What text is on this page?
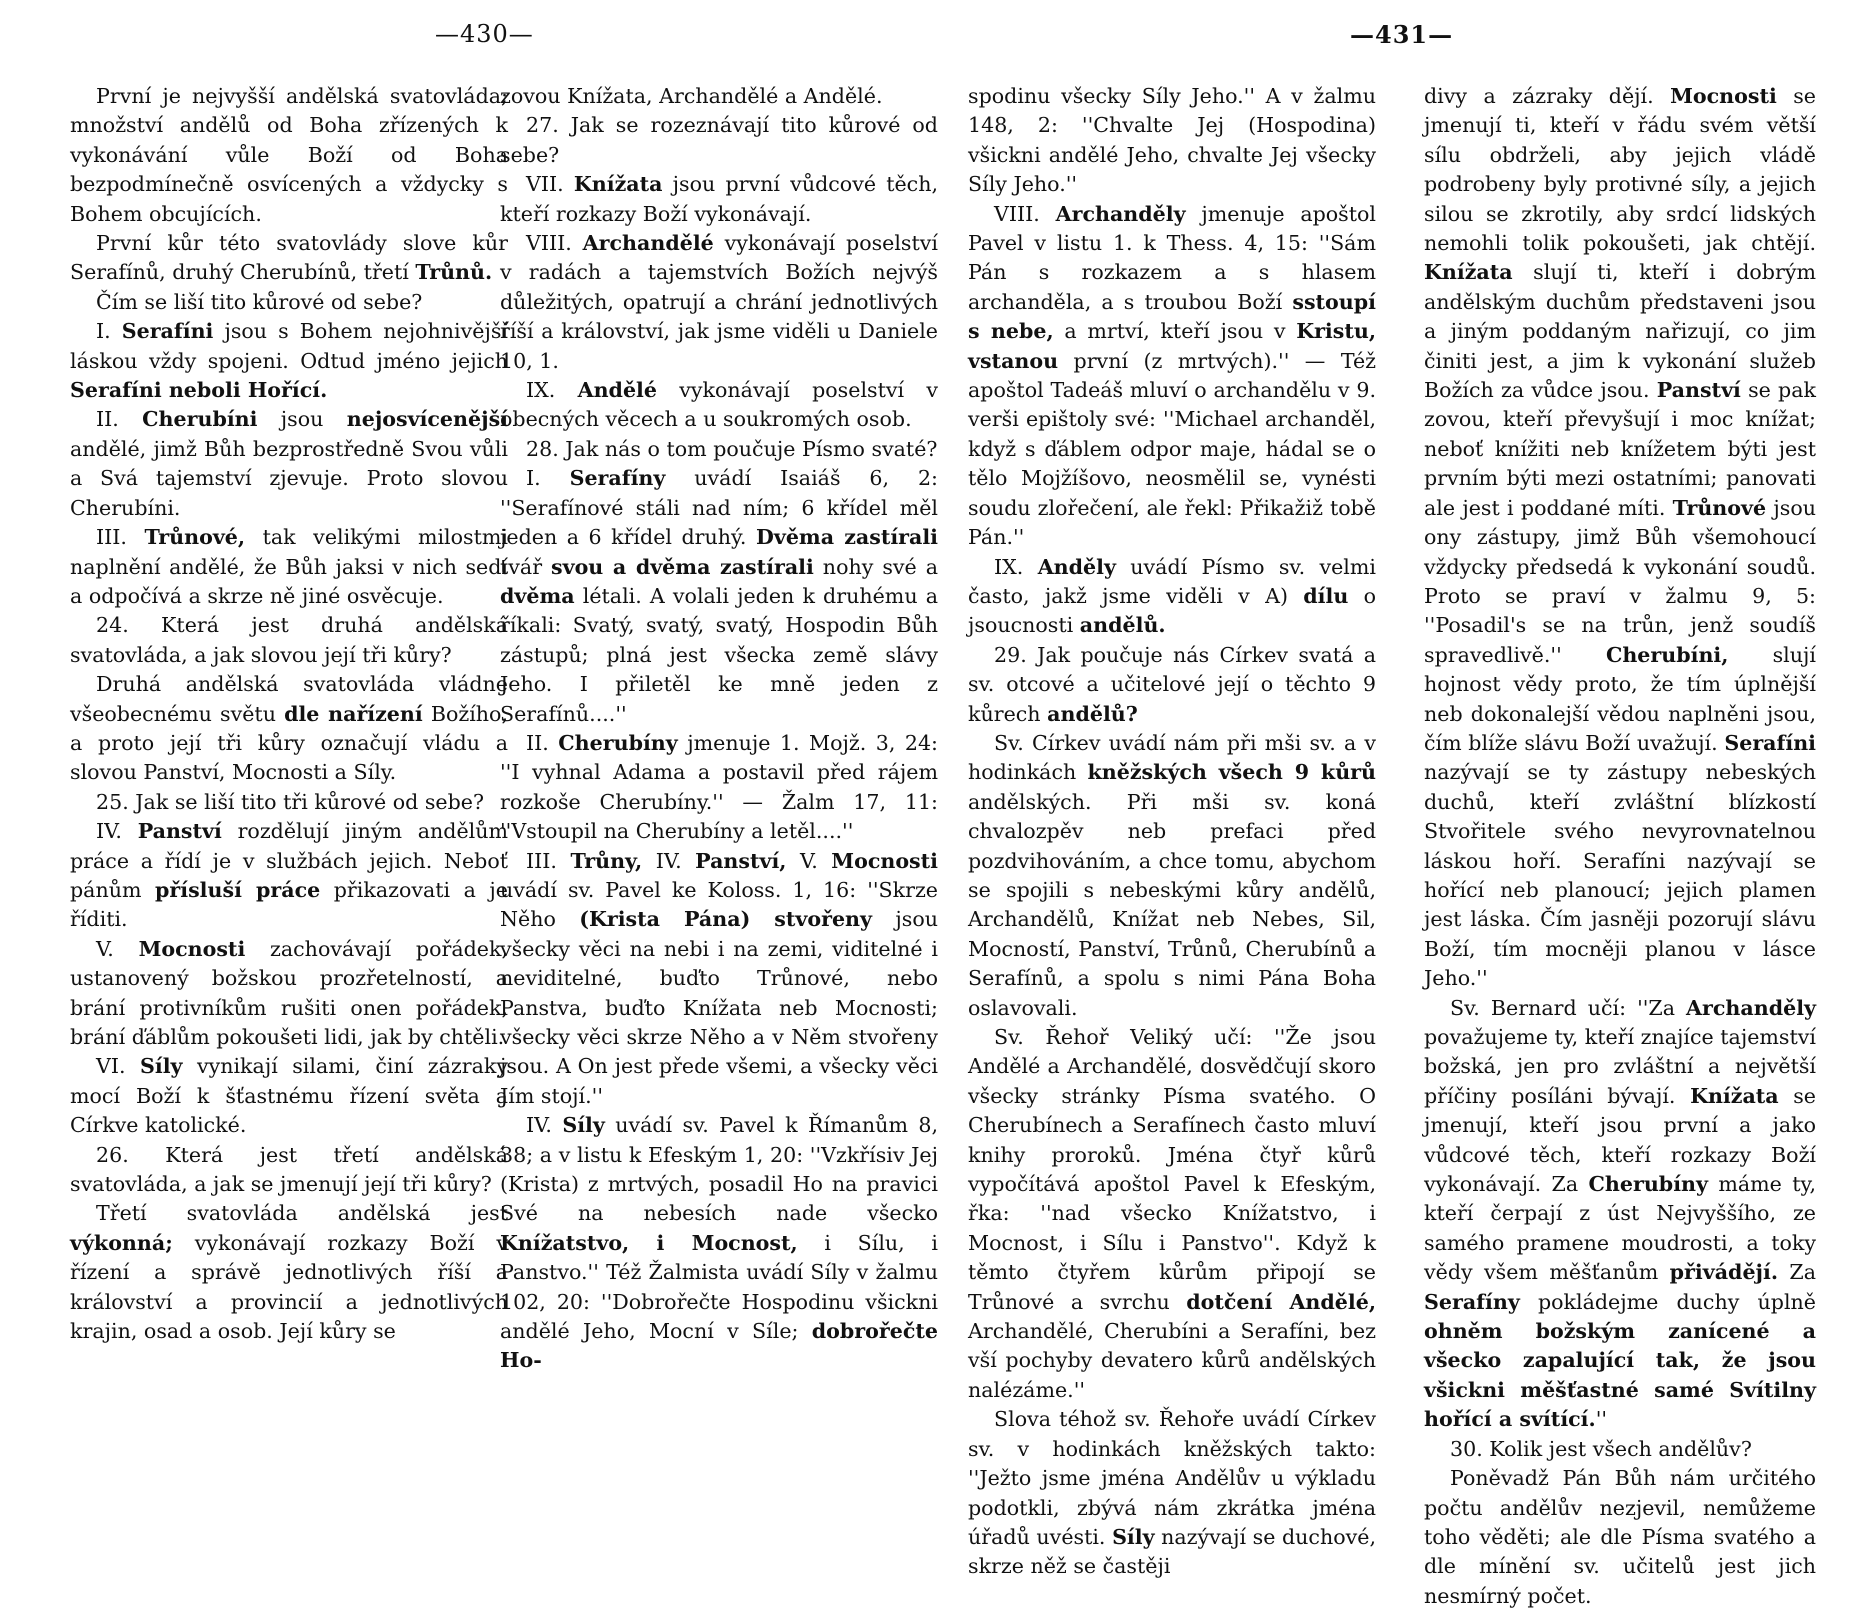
—430—	—431—

První je nejvyšší andělská svatovláda; množství andělů od Boha zřízených k vykonávání vůle Boží od Boha bezpodmínečně osvícených a vždycky s Bohem obcujících.

První kůr této svatovlády slove kůr Serafínů, druhý Cherubínů, třetí Trůnů.

Čím se liší tito kůrové od sebe?

I. Serafíni jsou s Bohem nejohnivější láskou vždy spojeni. Odtud jméno jejich Serafíni neboli Hořící.

II. Cherubíni jsou nejosvícenější andělé, jimž Bůh bezprostředně Svou vůli a Svá tajemství zjevuje. Proto slovou Cherubíni.

III. Trůnové, tak velikými milostmi naplnění andělé, že Bůh jaksi v nich sedí a odpočívá a skrze ně jiné osvěcuje.

24. Která jest druhá andělská svatovláda, a jak slovou její tři kůry?

Druhá andělská svatovláda vládne všeobecnému světu dle nařízení Božího, a proto její tři kůry označují vládu a slovou Panství, Mocnosti a Síly.

25. Jak se liší tito tři kůrové od sebe?

IV. Panství rozdělují jiným andělům práce a řídí je v službách jejich. Neboť pánům přísluší práce přikazovati a je říditi.

V. Mocnosti zachovávají pořádek, ustanovený božskou prozřetelností, a brání protivníkům rušiti onen pořádek, brání ďáblům pokoušeti lidi, jak by chtěli.

VI. Síly vynikají silami, činí zázraky mocí Boží k šťastnému řízení světa a Církve katolické.

26. Která jest třetí andělská svatovláda, a jak se jmenují její tři kůry?

Třetí svatovláda andělská jest výkonná; vykonávají rozkazy Boží v řízení a správě jednotlivých říší a království a provincií a jednotlivých krajin, osad a osob. Její kůry se

zovou Knížata, Archandělé a Andělé.

27. Jak se rozeznávají tito kůrové od sebe?

VII. Knížata jsou první vůdcové těch, kteří rozkazy Boží vykonávají.

VIII. Archandělé vykonávají poselství v radách a tajemstvích Božích nejvýš důležitých, opatrují a chrání jednotlivých říší a království, jak jsme viděli u Daniele 10, 1.

IX. Andělé vykonávají poselství v obecných věcech a u soukromých osob.

28. Jak nás o tom poučuje Písmo svaté?

I. Serafíny uvádí Isaiáš 6, 2: ''Serafínové stáli nad ním; 6 křídel měl jeden a 6 křídel druhý. Dvěma zastírali tvář svou a dvěma zastírali nohy své a dvěma létali. A volali jeden k druhému a říkali: Svatý, svatý, svatý, Hospodin Bůh zástupů; plná jest všecka země slávy Jeho. I přiletěl ke mně jeden z Serafínů....''

II. Cherubíny jmenuje 1. Mojž. 3, 24: ''I vyhnal Adama a postavil před rájem rozkoše Cherubíny.'' — Žalm 17, 11: ''Vstoupil na Cherubíny a letěl....''

III. Trůny, IV. Panství, V. Mocnosti uvádí sv. Pavel ke Koloss. 1, 16: ''Skrze Něho (Krista Pána) stvořeny jsou všecky věci na nebi i na zemi, viditelné i neviditelné, buďto Trůnové, nebo Panstva, buďto Knížata neb Mocnosti; všecky věci skrze Něho a v Něm stvořeny jsou. A On jest přede všemi, a všecky věci Jím stojí.''

IV. Síly uvádí sv. Pavel k Římanům 8, 38; a v listu k Efeským 1, 20: ''Vzkřísiv Jej (Krista) z mrtvých, posadil Ho na pravici Své na nebesích nade všecko Knížatstvo, i Mocnost, i Sílu, i Panstvo.'' Též Žalmista uvádí Síly v žalmu 102, 20: ''Dobrořečte Hospodinu všickni andělé Jeho, Mocní v Síle; dobrořečte Ho-

spodinu všecky Síly Jeho.'' A v žalmu 148, 2: ''Chvalte Jej (Hospodina) všickni andělé Jeho, chvalte Jej všecky Síly Jeho.''

VIII. Archanděly jmenuje apoštol Pavel v listu 1. k Thess. 4, 15: ''Sám Pán s rozkazem a s hlasem archanděla, a s troubou Boží sstoupí s nebe, a mrtví, kteří jsou v Kristu, vstanou první (z mrtvých).'' — Též apoštol Tadeáš mluví o archandělu v 9. verši epištoly své: ''Michael archanděl, když s ďáblem odpor maje, hádal se o tělo Mojžíšovo, neosmělil se, vynésti soudu zlořečení, ale řekl: Přikažiž tobě Pán.''

IX. Anděly uvádí Písmo sv. velmi často, jakž jsme viděli v A) dílu o jsoucnosti andělů.

29. Jak poučuje nás Církev svatá a sv. otcové a učitelové její o těchto 9 kůrech andělů?

Sv. Církev uvádí nám při mši sv. a v hodinkách kněžských všech 9 kůrů andělských. Při mši sv. koná chvalozpěv neb prefaci před pozdvihováním, a chce tomu, abychom se spojili s nebeskými kůry andělů, Archandělů, Knížat neb Nebes, Sil, Mocností, Panství, Trůnů, Cherubínů a Serafínů, a spolu s nimi Pána Boha oslavovali.

Sv. Řehoř Veliký učí: ''Že jsou Andělé a Archandělé, dosvědčují skoro všecky stránky Písma svatého. O Cherubínech a Serafínech často mluví knihy proroků. Jména čtyř kůrů vypočítává apoštol Pavel k Efeským, řka: ''nad všecko Knížatstvo, i Mocnost, i Sílu i Panstvo''. Když k těmto čtyřem kůrům připojí se Trůnové a svrchu dotčení Andělé, Archandělé, Cherubíni a Serafíni, bez vší pochyby devatero kůrů andělských nalézáme.''

Slova téhož sv. Řehoře uvádí Církev sv. v hodinkách kněžských takto: ''Ježto jsme jména Andělův u výkladu podotkli, zbývá nám zkrátka jména úřadů uvésti. Síly nazývají se duchové, skrze něž se častěji

divy a zázraky dějí. Mocnosti se jmenují ti, kteří v řádu svém větší sílu obdrželi, aby jejich vládě podrobeny byly protivné síly, a jejich silou se zkrotily, aby srdcí lidských nemohli tolik pokoušeti, jak chtějí. Knížata slují ti, kteří i dobrým andělským duchům představeni jsou a jiným poddaným nařizují, co jim činiti jest, a jim k vykonání služeb Božích za vůdce jsou. Panství se pak zovou, kteří převyšují i moc knížat; neboť knížiti neb knížetem býti jest prvním býti mezi ostatními; panovati ale jest i poddané míti. Trůnové jsou ony zástupy, jimž Bůh všemohoucí vždycky předsedá k vykonání soudů. Proto se praví v žalmu 9, 5: ''Posadil's se na trůn, jenž soudíš spravedlivě.'' Cherubíni, slují hojnost vědy proto, že tím úplnější neb dokonalejší vědou naplněni jsou, čím blíže slávu Boží uvažují. Serafíni nazývají se ty zástupy nebeských duchů, kteří zvláštní blízkostí Stvořitele svého nevyrovnatelnou láskou hoří. Serafíni nazývají se hořící neb planoucí; jejich plamen jest láska. Čím jasněji pozorují slávu Boží, tím mocněji planou v lásce Jeho.''

Sv. Bernard učí: ''Za Archanděly považujeme ty, kteří znajíce tajemství božská, jen pro zvláštní a největší příčiny posíláni bývají. Knížata se jmenují, kteří jsou první a jako vůdcové těch, kteří rozkazy Boží vykonávají. Za Cherubíny máme ty, kteří čerpají z úst Nejvyššího, ze samého pramene moudrosti, a toky vědy všem měšťanům přivádějí. Za Serafíny pokládejme duchy úplně ohněm božským zanícené a všecko zapalující tak, že jsou všickni měšťastné samé Svítilny hořící a svítící.''

30. Kolik jest všech andělův?

Poněvadž Pán Bůh nám určitého počtu andělův nezjevil, nemůžeme toho věděti; ale dle Písma svatého a dle mínění sv. učitelů jest jich nesmírný počet.
